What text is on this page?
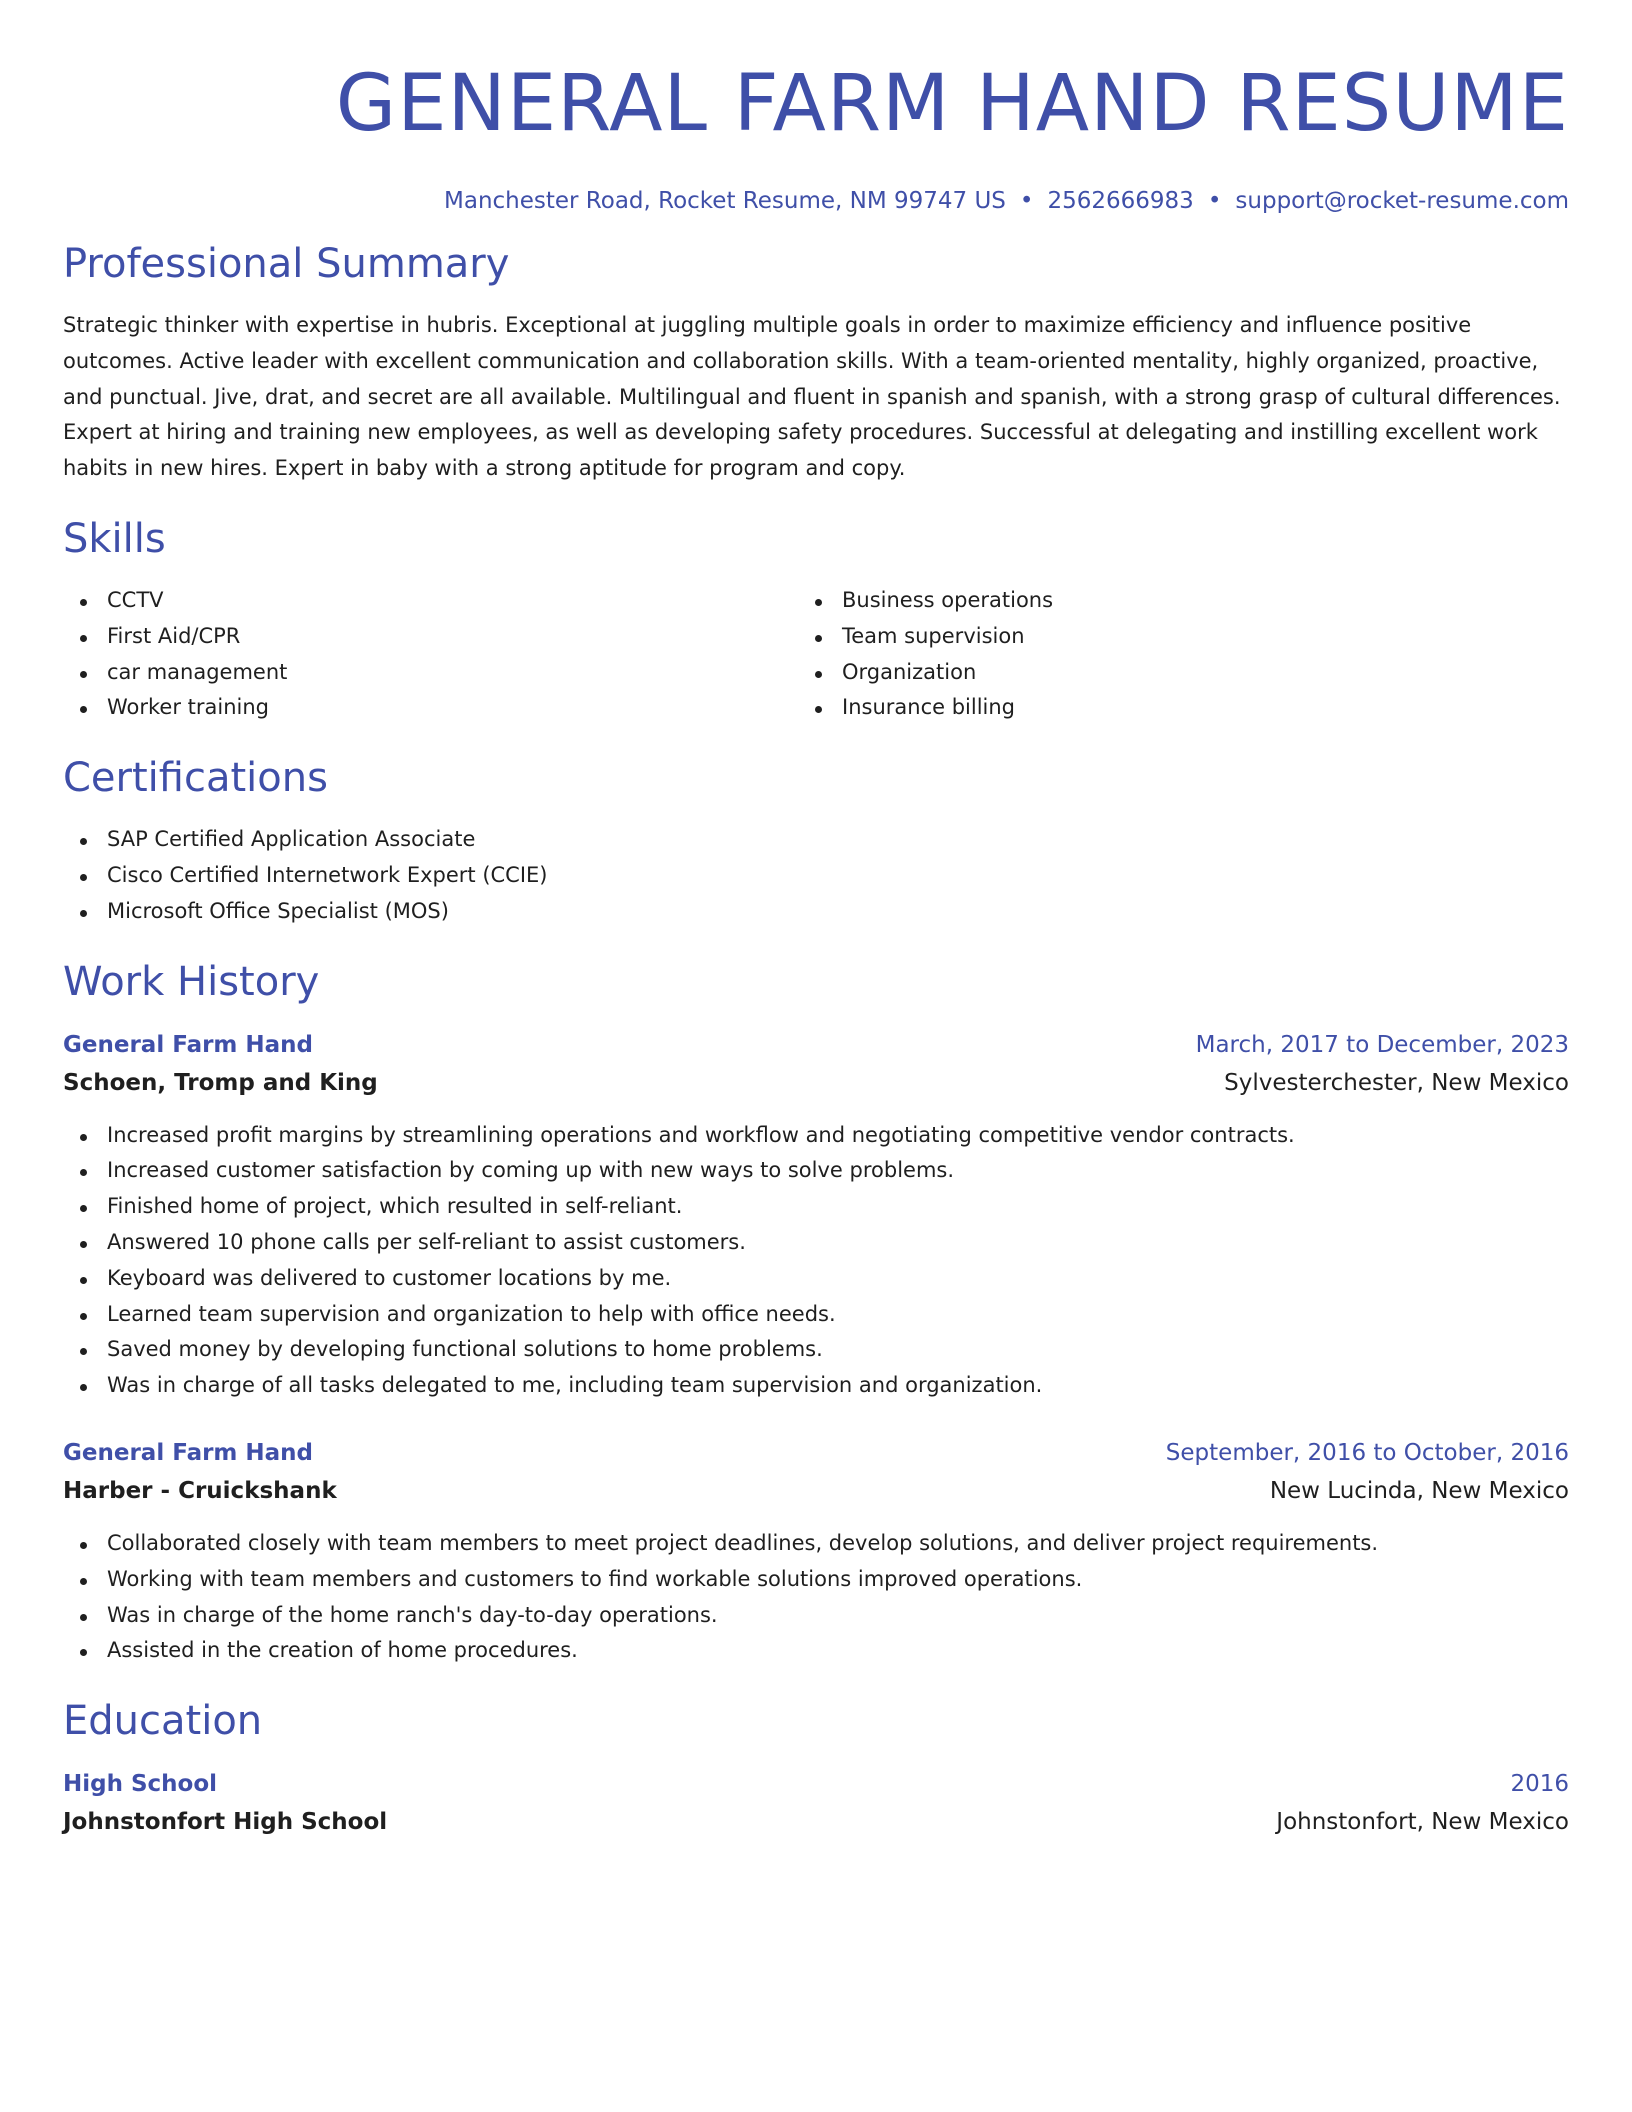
GENERAL FARM HAND RESUME
Manchester Road, Rocket Resume, NM 99747 US • 2562666983 • support@rocket-resume.com
Professional Summary

Strategic thinker with expertise in hubris. Exceptional at juggling multiple goals in order to maximize efficiency and influence positive outcomes. Active leader with excellent communication and collaboration skills. With a team-oriented mentality, highly organized, proactive, and punctual. Jive, drat, and secret are all available. Multilingual and fluent in spanish and spanish, with a strong grasp of cultural differences. Expert at hiring and training new employees, as well as developing safety procedures. Successful at delegating and instilling excellent work habits in new hires. Expert in baby with a strong aptitude for program and copy.

Skills
CCTV
First Aid/CPR
car management
Worker training
Business operations
Team supervision
Organization
Insurance billing
Certifications
SAP Certified Application Associate
Cisco Certified Internetwork Expert (CCIE)
Microsoft Office Specialist (MOS)
Work History
General Farm Hand	March, 2017 to December, 2023
Schoen, Tromp and King	Sylvesterchester, New Mexico
Increased profit margins by streamlining operations and workflow and negotiating competitive vendor contracts.
Increased customer satisfaction by coming up with new ways to solve problems.
Finished home of project, which resulted in self-reliant.
Answered 10 phone calls per self-reliant to assist customers.
Keyboard was delivered to customer locations by me.
Learned team supervision and organization to help with office needs.
Saved money by developing functional solutions to home problems.
Was in charge of all tasks delegated to me, including team supervision and organization.
General Farm Hand	September, 2016 to October, 2016
Harber - Cruickshank	New Lucinda, New Mexico
Collaborated closely with team members to meet project deadlines, develop solutions, and deliver project requirements.
Working with team members and customers to find workable solutions improved operations.
Was in charge of the home ranch's day-to-day operations.
Assisted in the creation of home procedures.
Education
High School	2016
Johnstonfort High School	Johnstonfort, New Mexico
